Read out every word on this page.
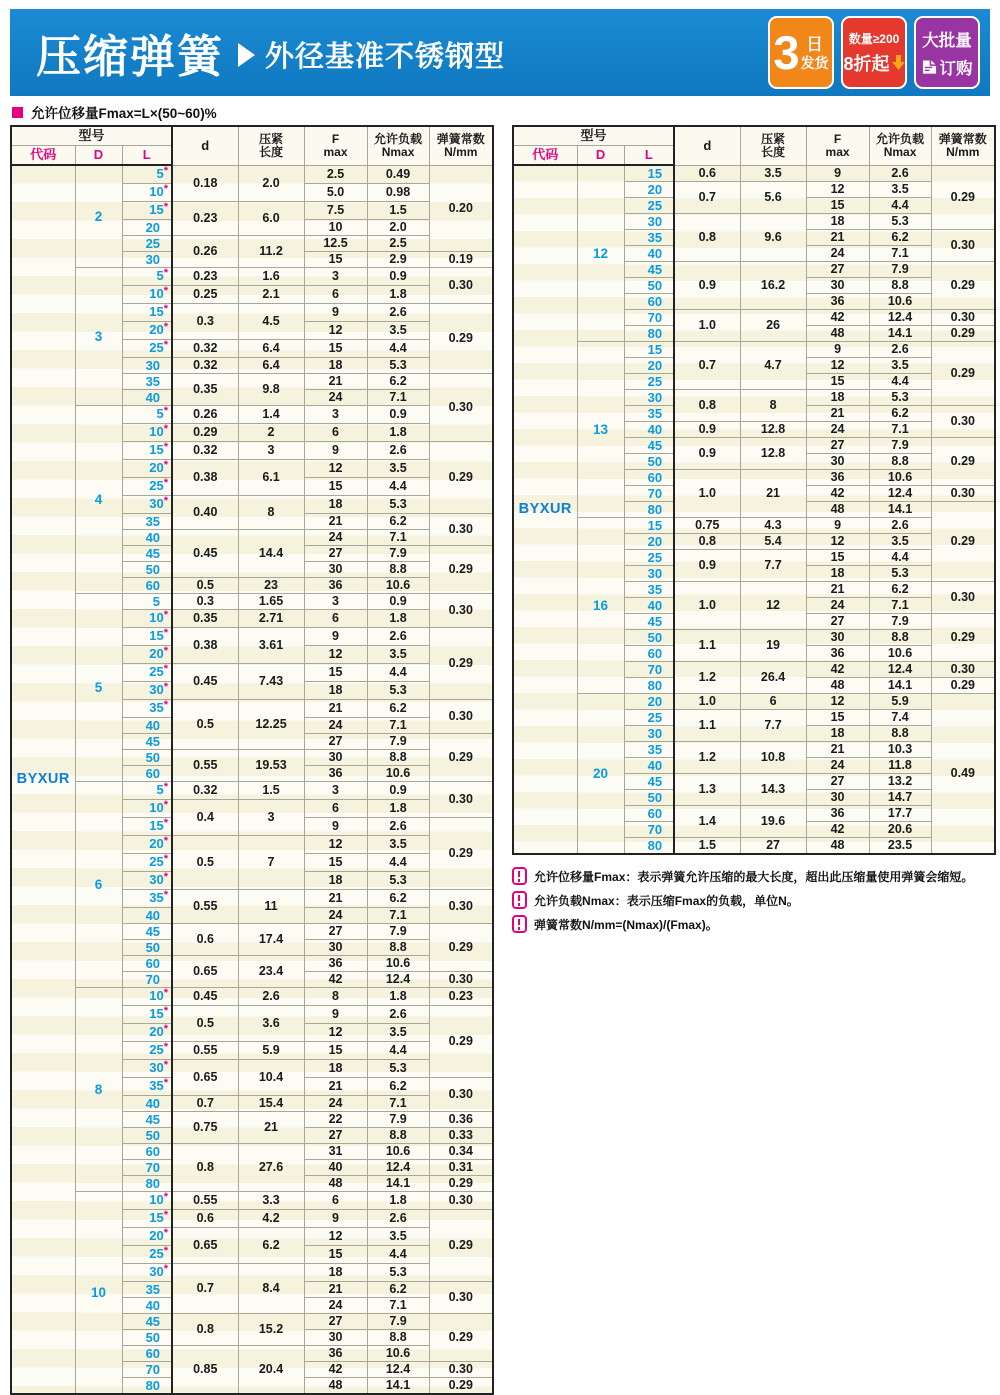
压缩弹簧 外径基准不锈钢型	3 日
发货
数量≥200
8折起
大批量
订购
允许位移量Fmax=L×(50~60)%
型号			d	压紧
长度	F
max	允许负载
Nmax	弹簧常数
N/mm
代码	D	L					
BYXUR	2	5*	0.18	2.0	2.5	0.49	0.20
		10*			5.0	0.98	
		15*	0.23	6.0	7.5	1.5	
		20			10	2.0	
		25	0.26	11.2	12.5	2.5	
		30			15	2.9	0.19
	3	5*	0.23	1.6	3	0.9	0.30
		10*	0.25	2.1	6	1.8	
		15*	0.3	4.5	9	2.6	0.29
		20*			12	3.5	
		25*	0.32	6.4	15	4.4	
		30	0.32	6.4	18	5.3	
		35	0.35	9.8	21	6.2	0.30
		40			24	7.1	
	4	5*	0.26	1.4	3	0.9	
		10*	0.29	2	6	1.8	
		15*	0.32	3	9	2.6	0.29
		20*	0.38	6.1	12	3.5	
		25*			15	4.4	
		30*	0.40	8	18	5.3	
		35			21	6.2	0.30
		40	0.45	14.4	24	7.1	
		45			27	7.9	0.29
		50			30	8.8	
		60	0.5	23	36	10.6	
	5	5	0.3	1.65	3	0.9	0.30
		10*	0.35	2.71	6	1.8	
		15*	0.38	3.61	9	2.6	0.29
		20*			12	3.5	
		25*	0.45	7.43	15	4.4	
		30*			18	5.3	
		35*	0.5	12.25	21	6.2	0.30
		40			24	7.1	
		45			27	7.9	0.29
		50	0.55	19.53	30	8.8	
		60			36	10.6	
	6	5*	0.32	1.5	3	0.9	0.30
		10*	0.4	3	6	1.8	
		15*			9	2.6	0.29
		20*	0.5	7	12	3.5	
		25*			15	4.4	
		30*			18	5.3	
		35*	0.55	11	21	6.2	0.30
		40			24	7.1	
		45	0.6	17.4	27	7.9	0.29
		50			30	8.8	
		60	0.65	23.4	36	10.6	
		70			42	12.4	0.30
	8	10*	0.45	2.6	8	1.8	0.23
		15*	0.5	3.6	9	2.6	0.29
		20*			12	3.5	
		25*	0.55	5.9	15	4.4	
		30*	0.65	10.4	18	5.3	
		35*			21	6.2	0.30
		40	0.7	15.4	24	7.1	
		45	0.75	21	22	7.9	0.36
		50			27	8.8	0.33
		60	0.8	27.6	31	10.6	0.34
		70			40	12.4	0.31
		80			48	14.1	0.29
	10	10*	0.55	3.3	6	1.8	0.30
		15*	0.6	4.2	9	2.6	0.29
		20*	0.65	6.2	12	3.5	
		25*			15	4.4	
		30*	0.7	8.4	18	5.3	
		35			21	6.2	0.30
		40			24	7.1	
		45	0.8	15.2	27	7.9	0.29
		50			30	8.8	
		60	0.85	20.4	36	10.6	
		70			42	12.4	0.30
		80			48	14.1	0.29
型号			d	压紧
长度	F
max	允许负载
Nmax	弹簧常数
N/mm
代码	D	L					
BYXUR	12	15	0.6	3.5	9	2.6	0.29
		20	0.7	5.6	12	3.5	
		25			15	4.4	
		30	0.8	9.6	18	5.3	
		35			21	6.2	0.30
		40			24	7.1	
		45	0.9	16.2	27	7.9	0.29
		50			30	8.8	
		60			36	10.6	
		70	1.0	26	42	12.4	0.30
		80			48	14.1	0.29
	13	15	0.7	4.7	9	2.6	0.29
		20			12	3.5	
		25			15	4.4	
		30	0.8	8	18	5.3	
		35			21	6.2	0.30
		40	0.9	12.8	24	7.1	
		45	0.9	12.8	27	7.9	0.29
		50			30	8.8	
		60	1.0	21	36	10.6	
		70			42	12.4	0.30
		80			48	14.1	0.29
	16	15	0.75	4.3	9	2.6	
		20	0.8	5.4	12	3.5	
		25	0.9	7.7	15	4.4	
		30			18	5.3	
		35	1.0	12	21	6.2	0.30
		40			24	7.1	
		45			27	7.9	0.29
		50	1.1	19	30	8.8	
		60			36	10.6	
		70	1.2	26.4	42	12.4	0.30
		80			48	14.1	0.29
	20	20	1.0	6	12	5.9	0.49
		25	1.1	7.7	15	7.4	
		30			18	8.8	
		35	1.2	10.8	21	10.3	
		40			24	11.8	
		45	1.3	14.3	27	13.2	
		50			30	14.7	
		60	1.4	19.6	36	17.7	
		70			42	20.6	
		80	1.5	27	48	23.5	
允许位移量Fmax：表示弹簧允许压缩的最大长度，超出此压缩量使用弹簧会缩短。
允许负载Nmax：表示压缩Fmax的负载，单位N。
弹簧常数N/mm=(Nmax)/(Fmax)。
